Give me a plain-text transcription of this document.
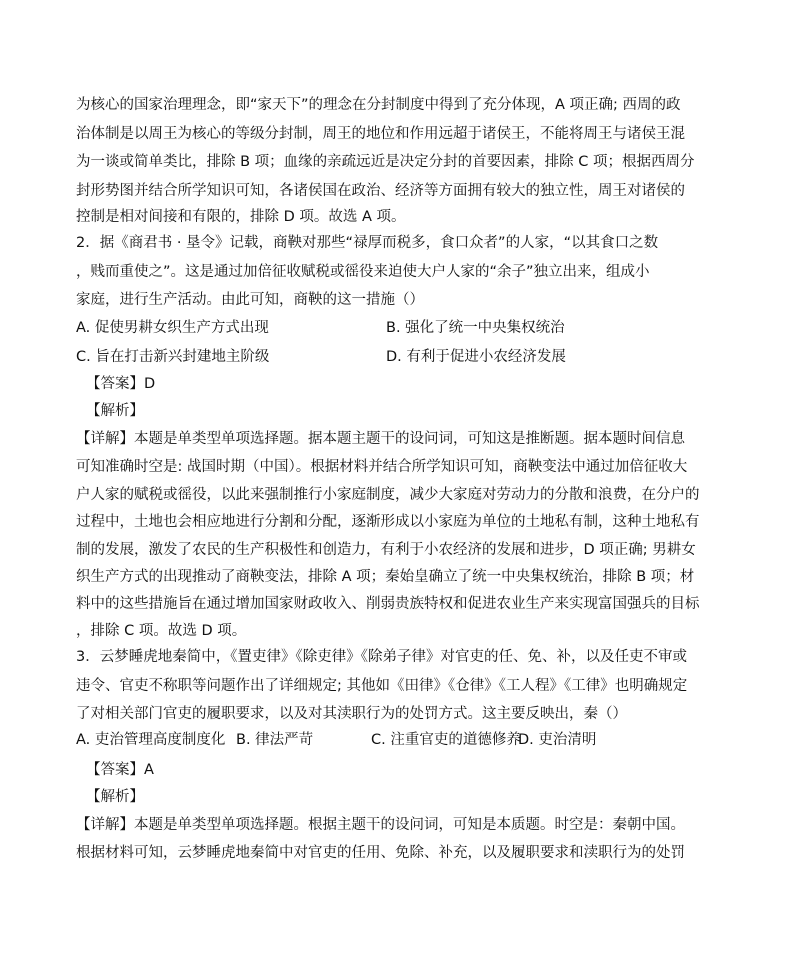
为核心的国家治理理念，即“家天下”的理念在分封制度中得到了充分体现，A 项正确; 西周的政
治体制是以周王为核心的等级分封制，周王的地位和作用远超于诸侯王，不能将周王与诸侯王混
为一谈或简单类比，排除 B 项；血缘的亲疏远近是决定分封的首要因素，排除 C 项；根据西周分
封形势图并结合所学知识可知，各诸侯国在政治、经济等方面拥有较大的独立性，周王对诸侯的
控制是相对间接和有限的，排除 D 项。故选 A 项。
2．据《商君书 · 垦令》记载，商鞅对那些“禄厚而税多，食口众者”的人家，“以其食口之数
，贱而重使之”。这是通过加倍征收赋税或徭役来迫使大户人家的“余子”独立出来，组成小
家庭，进行生产活动。由此可知，商鞅的这一措施（）
A. 促使男耕女织生产方式出现	B. 强化了统一中央集权统治
C. 旨在打击新兴封建地主阶级	D. 有利于促进小农经济发展
【答案】D
【解析】
【详解】本题是单类型单项选择题。据本题主题干的设问词，可知这是推断题。据本题时间信息
可知准确时空是: 战国时期（中国）。根据材料并结合所学知识可知，商鞅变法中通过加倍征收大
户人家的赋税或徭役，以此来强制推行小家庭制度，减少大家庭对劳动力的分散和浪费，在分户的
过程中，土地也会相应地进行分割和分配，逐渐形成以小家庭为单位的土地私有制，这种土地私有
制的发展，激发了农民的生产积极性和创造力，有利于小农经济的发展和进步，D 项正确; 男耕女
织生产方式的出现推动了商鞅变法，排除 A 项；秦始皇确立了统一中央集权统治，排除 B 项；材
料中的这些措施旨在通过增加国家财政收入、削弱贵族特权和促进农业生产来实现富国强兵的目标
，排除 C 项。故选 D 项。
3．云梦睡虎地秦简中，《置吏律》《除吏律》《除弟子律》对官吏的任、免、补，以及任吏不审或
违令、官吏不称职等问题作出了详细规定; 其他如《田律》《仓律》《工人程》《工律》也明确规定
了对相关部门官吏的履职要求，以及对其渎职行为的处罚方式。这主要反映出，秦（）
A. 吏治管理高度制度化 B. 律法严苛	C. 注重官吏的道德修养
D. 吏治清明
【答案】A
【解析】
【详解】本题是单类型单项选择题。根据主题干的设问词，可知是本质题。时空是：秦朝中国。
根据材料可知，云梦睡虎地秦简中对官吏的任用、免除、补充，以及履职要求和渎职行为的处罚
